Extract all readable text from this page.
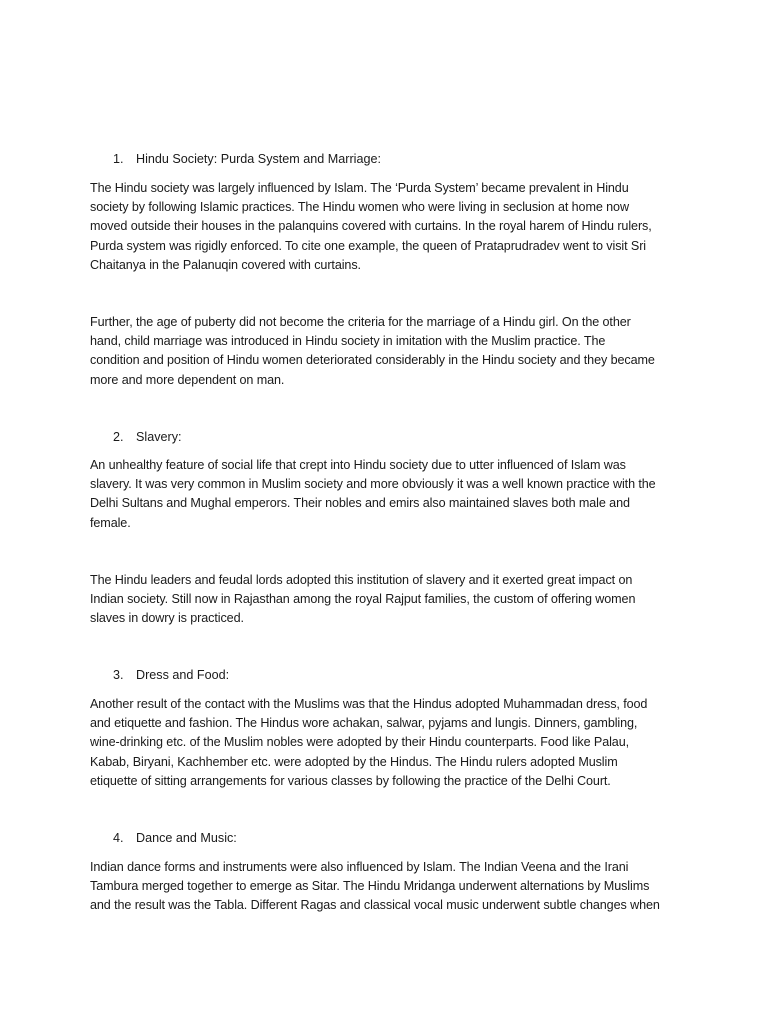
1. Hindu Society: Purda System and Marriage:
The Hindu society was largely influenced by Islam. The ‘Purda System’ became prevalent in Hindu
society by following Islamic practices. The Hindu women who were living in seclusion at home now
moved outside their houses in the palanquins covered with curtains. In the royal harem of Hindu rulers,
Purda system was rigidly enforced. To cite one example, the queen of Prataprudradev went to visit Sri
Chaitanya in the Palanuqin covered with curtains.
Further, the age of puberty did not become the criteria for the marriage of a Hindu girl. On the other
hand, child marriage was introduced in Hindu society in imitation with the Muslim practice. The
condition and position of Hindu women deteriorated considerably in the Hindu society and they became
more and more dependent on man.
2. Slavery:
An unhealthy feature of social life that crept into Hindu society due to utter influenced of Islam was
slavery. It was very common in Muslim society and more obviously it was a well known practice with the
Delhi Sultans and Mughal emperors. Their nobles and emirs also maintained slaves both male and
female.
The Hindu leaders and feudal lords adopted this institution of slavery and it exerted great impact on
Indian society. Still now in Rajasthan among the royal Rajput families, the custom of offering women
slaves in dowry is practiced.
3. Dress and Food:
Another result of the contact with the Muslims was that the Hindus adopted Muhammadan dress, food
and etiquette and fashion. The Hindus wore achakan, salwar, pyjams and lungis. Dinners, gambling,
wine-drinking etc. of the Muslim nobles were adopted by their Hindu counterparts. Food like Palau,
Kabab, Biryani, Kachhember etc. were adopted by the Hindus. The Hindu rulers adopted Muslim
etiquette of sitting arrangements for various classes by following the practice of the Delhi Court.
4. Dance and Music:
Indian dance forms and instruments were also influenced by Islam. The Indian Veena and the Irani
Tambura merged together to emerge as Sitar. The Hindu Mridanga underwent alternations by Muslims
and the result was the Tabla. Different Ragas and classical vocal music underwent subtle changes when
